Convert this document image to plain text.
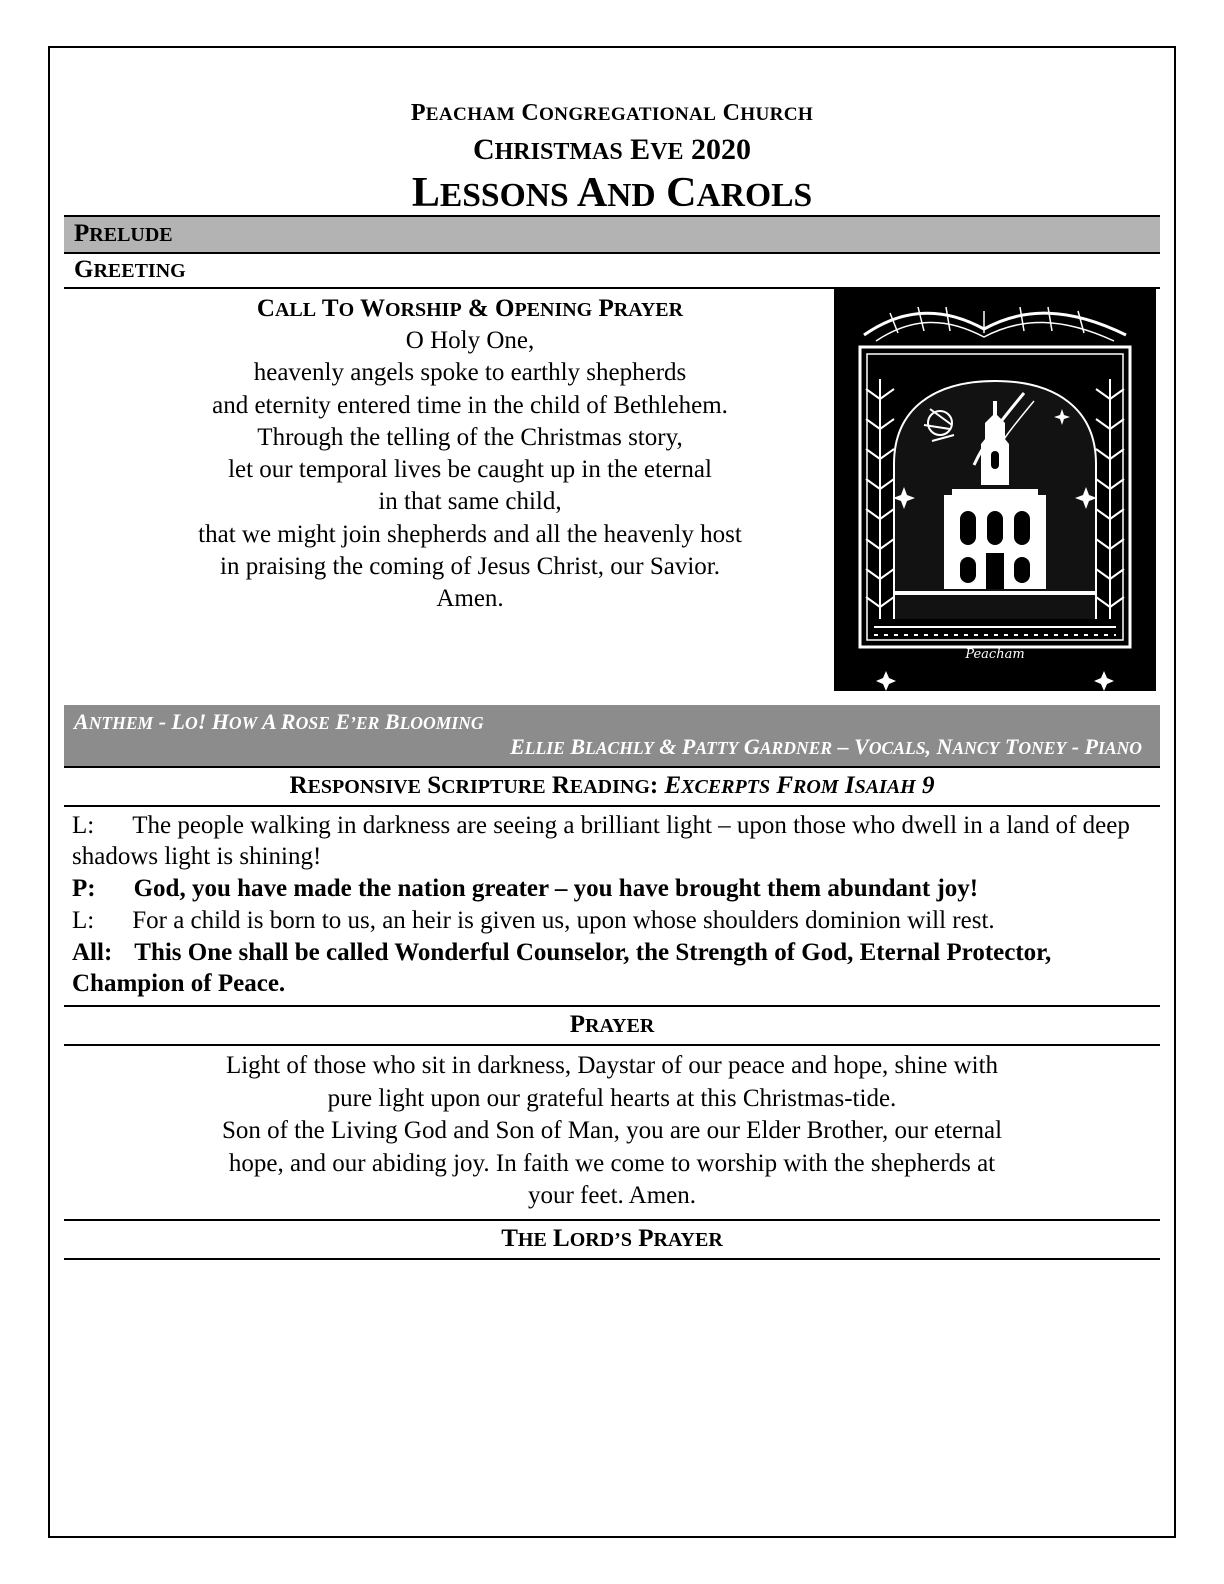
PEACHAM CONGREGATIONAL CHURCH
CHRISTMAS EVE 2020
LESSONS AND CAROLS
PRELUDE
GREETING
CALL TO WORSHIP & OPENING PRAYER
O Holy One,
heavenly angels spoke to earthly shepherds
and eternity entered time in the child of Bethlehem.
Through the telling of the Christmas story,
let our temporal lives be caught up in the eternal
in that same child,
that we might join shepherds and all the heavenly host
in praising the coming of Jesus Christ, our Savior.
Amen.
Peacham
ANTHEM - LO! HOW A ROSE E’ER BLOOMING
ELLIE BLACHLY & PATTY GARDNER – VOCALS, NANCY TONEY - PIANO
RESPONSIVE SCRIPTURE READING: EXCERPTS FROM ISAIAH 9

L: The people walking in darkness are seeing a brilliant light – upon those who dwell in a land of deep shadows light is shining!

P: God, you have made the nation greater – you have brought them abundant joy!

L: For a child is born to us, an heir is given us, upon whose shoulders dominion will rest.

All: This One shall be called Wonderful Counselor, the Strength of God, Eternal Protector, Champion of Peace.

PRAYER
Light of those who sit in darkness, Daystar of our peace and hope, shine with
pure light upon our grateful hearts at this Christmas-tide.
Son of the Living God and Son of Man, you are our Elder Brother, our eternal
hope, and our abiding joy. In faith we come to worship with the shepherds at
your feet. Amen.
THE LORD’S PRAYER
